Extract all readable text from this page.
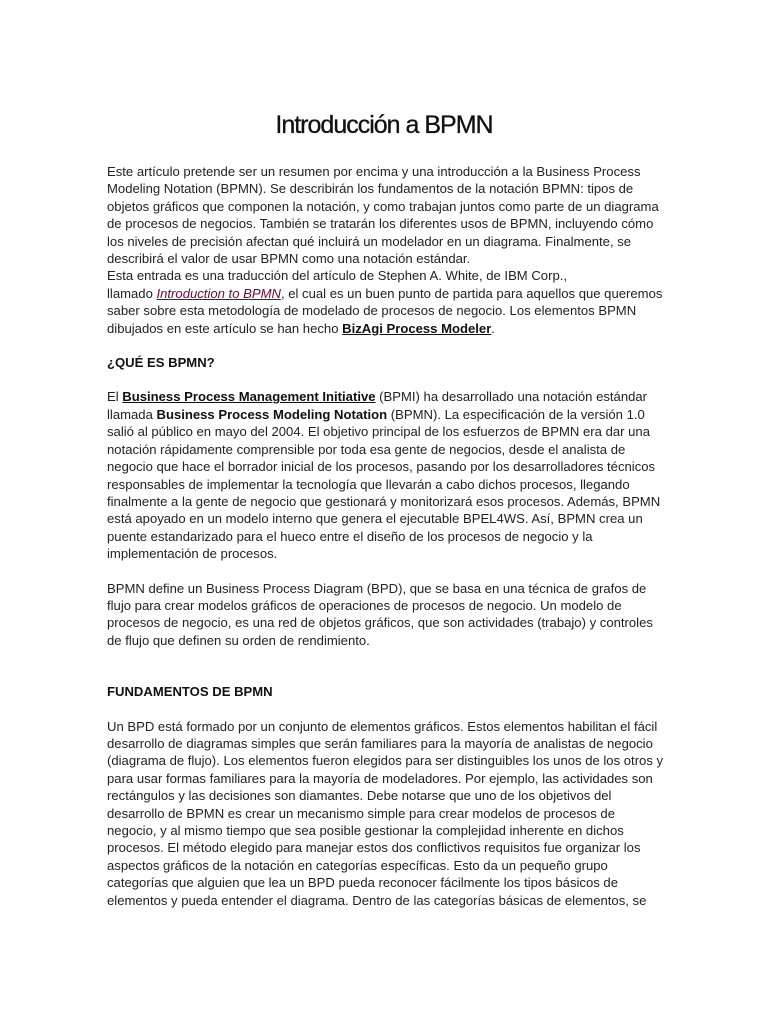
Introducción a BPMN

Este artículo pretende ser un resumen por encima y una introducción a la Business Process Modeling Notation (BPMN). Se describirán los fundamentos de la notación BPMN: tipos de objetos gráficos que componen la notación, y como trabajan juntos como parte de un diagrama de procesos de negocios. También se tratarán los diferentes usos de BPMN, incluyendo cómo los niveles de precisión afectan qué incluirá un modelador en un diagrama. Finalmente, se describirá el valor de usar BPMN como una notación estándar.
Esta entrada es una traducción del artículo de Stephen A. White, de IBM Corp.,
llamado Introduction to BPMN, el cual es un buen punto de partida para aquellos que queremos saber sobre esta metodología de modelado de procesos de negocio. Los elementos BPMN dibujados en este artículo se han hecho BizAgi Process Modeler.

¿QUÉ ES BPMN?

El Business Process Management Initiative (BPMI) ha desarrollado una notación estándar llamada Business Process Modeling Notation (BPMN). La especificación de la versión 1.0 salió al público en mayo del 2004. El objetivo principal de los esfuerzos de BPMN era dar una notación rápidamente comprensible por toda esa gente de negocios, desde el analista de negocio que hace el borrador inicial de los procesos, pasando por los desarrolladores técnicos responsables de implementar la tecnología que llevarán a cabo dichos procesos, llegando finalmente a la gente de negocio que gestionará y monitorizará esos procesos. Además, BPMN está apoyado en un modelo interno que genera el ejecutable BPEL4WS. Así, BPMN crea un puente estandarizado para el hueco entre el diseño de los procesos de negocio y la implementación de procesos.

BPMN define un Business Process Diagram (BPD), que se basa en una técnica de grafos de flujo para crear modelos gráficos de operaciones de procesos de negocio. Un modelo de procesos de negocio, es una red de objetos gráficos, que son actividades (trabajo) y controles de flujo que definen su orden de rendimiento.

FUNDAMENTOS DE BPMN

Un BPD está formado por un conjunto de elementos gráficos. Estos elementos habilitan el fácil desarrollo de diagramas simples que serán familiares para la mayoría de analistas de negocio (diagrama de flujo). Los elementos fueron elegidos para ser distinguibles los unos de los otros y para usar formas familiares para la mayoría de modeladores. Por ejemplo, las actividades son rectángulos y las decisiones son diamantes. Debe notarse que uno de los objetivos del desarrollo de BPMN es crear un mecanismo simple para crear modelos de procesos de negocio, y al mismo tiempo que sea posible gestionar la complejidad inherente en dichos procesos. El método elegido para manejar estos dos conflictivos requisitos fue organizar los aspectos gráficos de la notación en categorías específicas. Esto da un pequeño grupo categorías que alguien que lea un BPD pueda reconocer fácilmente los tipos básicos de elementos y pueda entender el diagrama. Dentro de las categorías básicas de elementos, se
